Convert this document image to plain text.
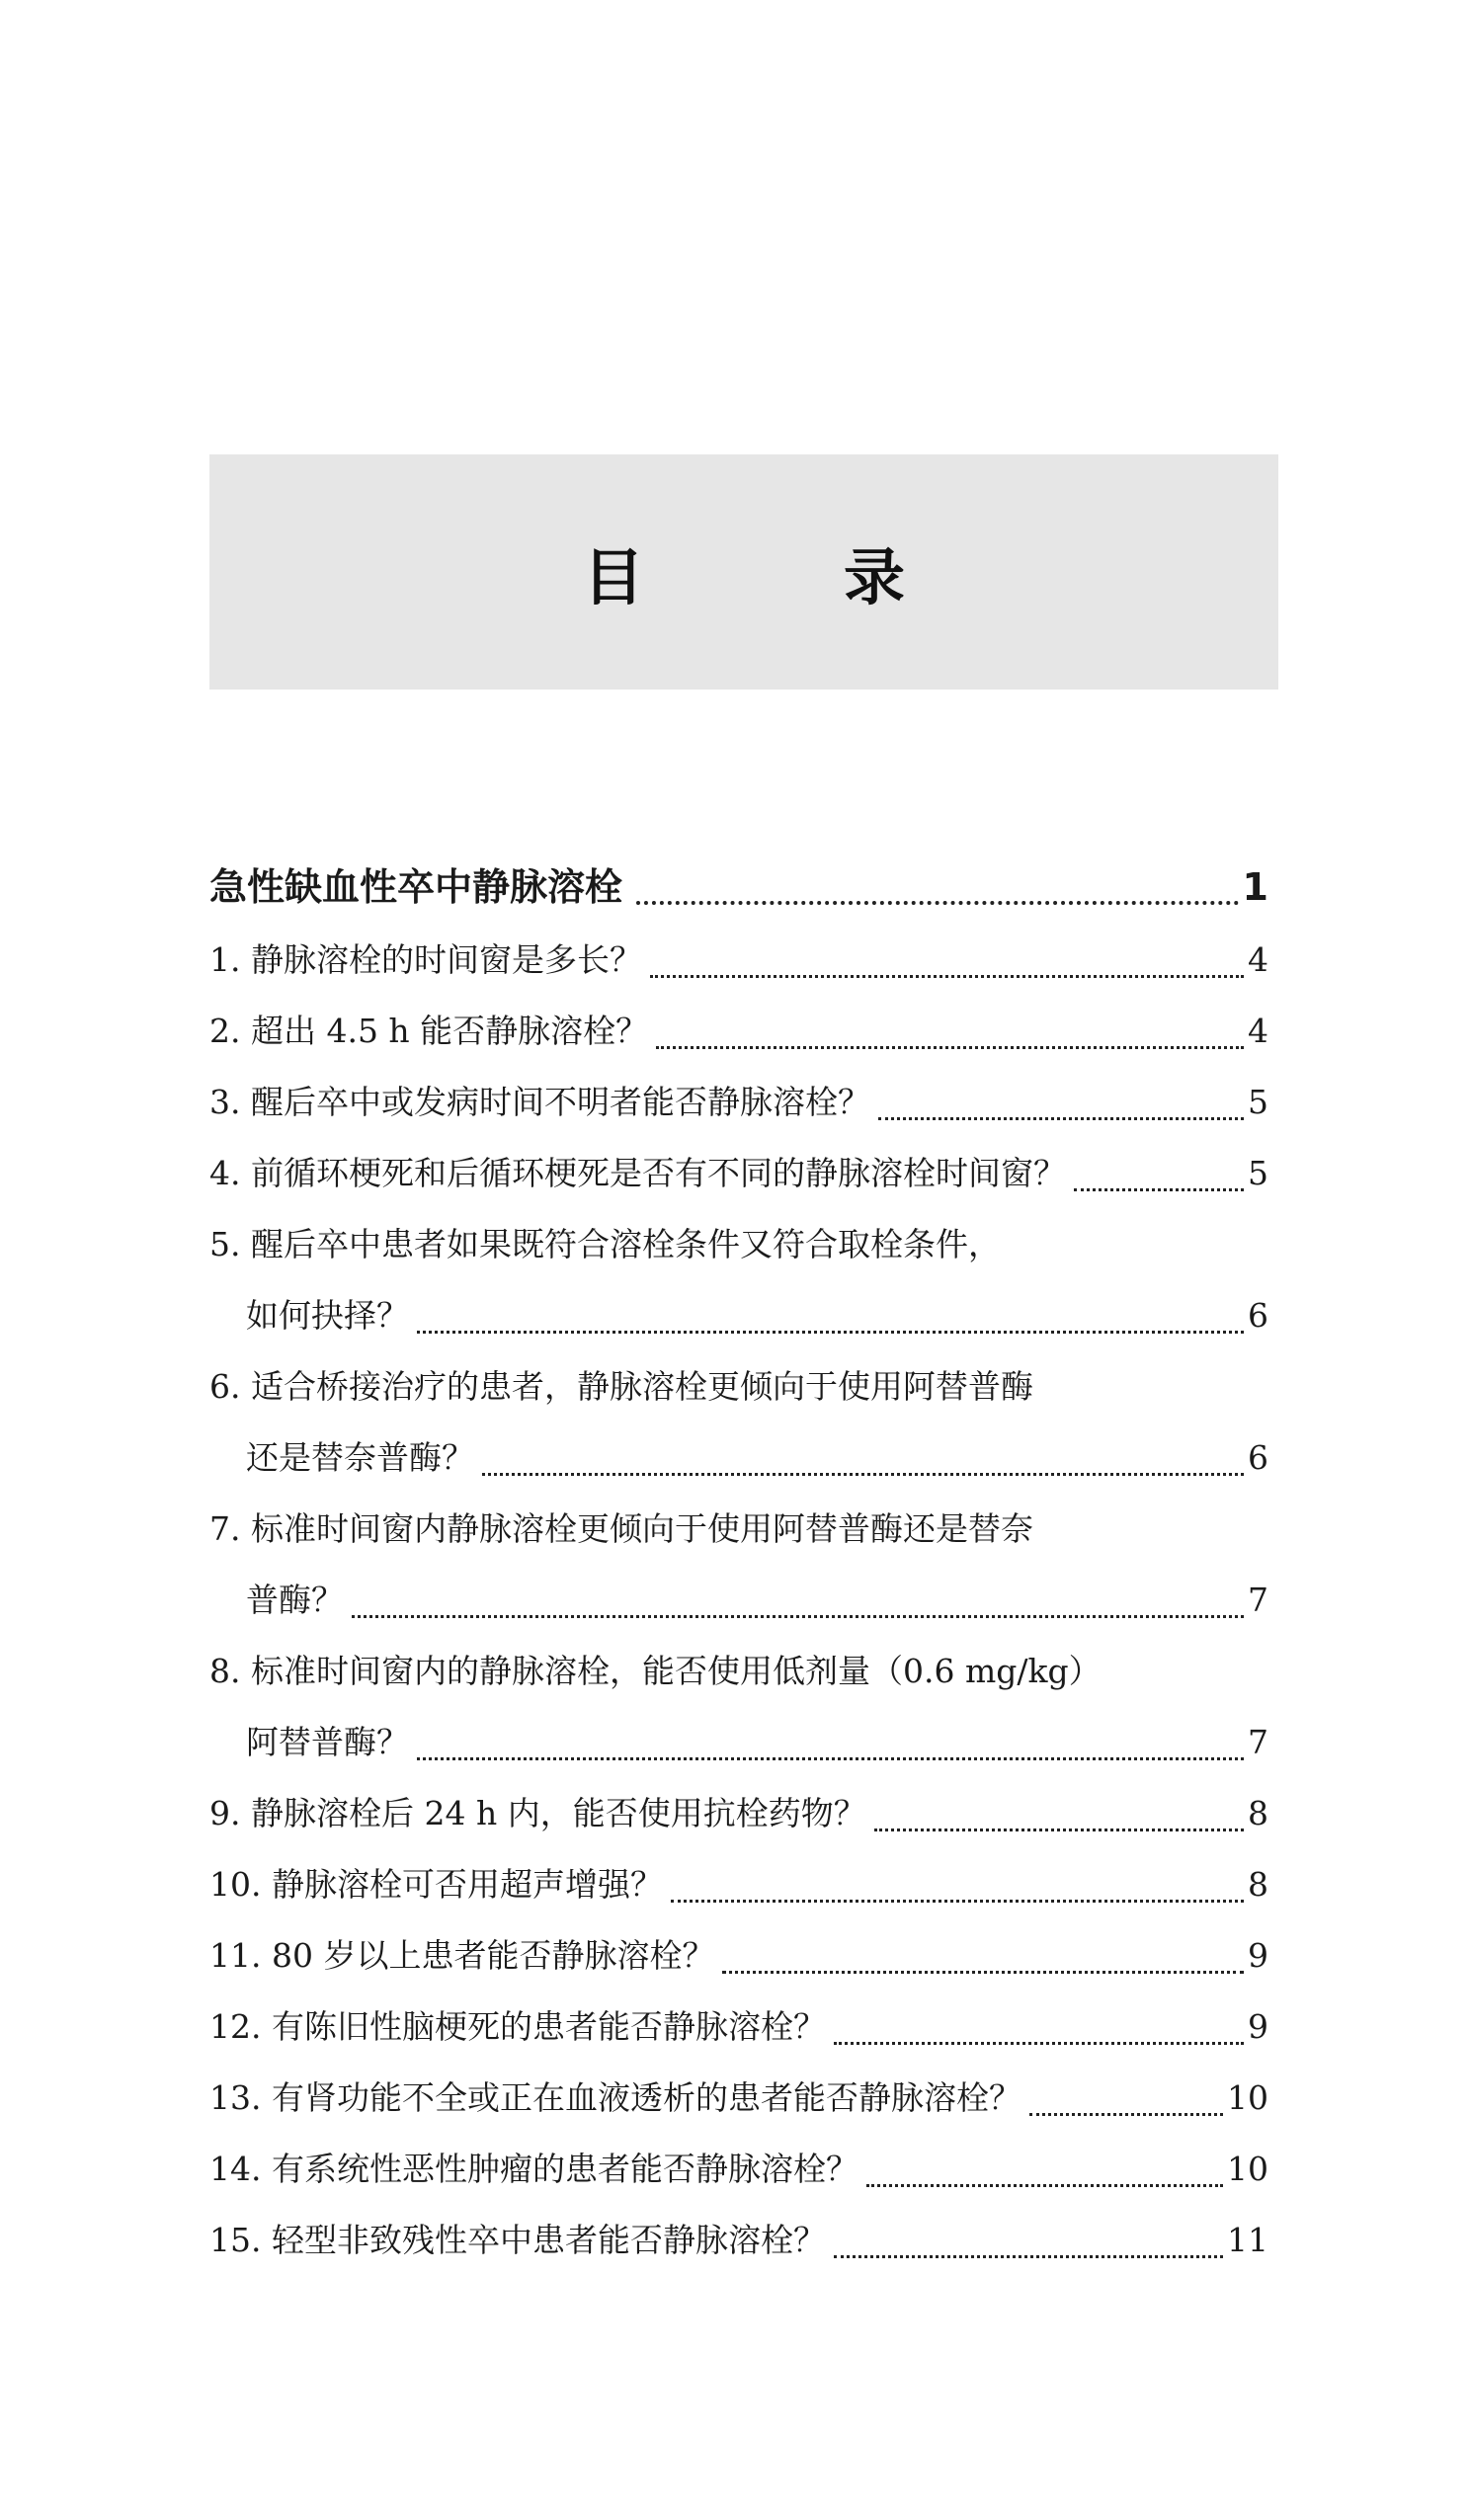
目　录
急性缺血性卒中静脉溶栓	1
1. 静脉溶栓的时间窗是多长？	4
2. 超出 4.5 h 能否静脉溶栓？	4
3. 醒后卒中或发病时间不明者能否静脉溶栓？	5
4. 前循环梗死和后循环梗死是否有不同的静脉溶栓时间窗？	5
5. 醒后卒中患者如果既符合溶栓条件又符合取栓条件，
如何抉择？	6
6. 适合桥接治疗的患者，静脉溶栓更倾向于使用阿替普酶
还是替奈普酶？	6
7. 标准时间窗内静脉溶栓更倾向于使用阿替普酶还是替奈
普酶？	7
8. 标准时间窗内的静脉溶栓，能否使用低剂量（0.6 mg/kg）
阿替普酶？	7
9. 静脉溶栓后 24 h 内，能否使用抗栓药物？	8
10. 静脉溶栓可否用超声增强？	8
11. 80 岁以上患者能否静脉溶栓？	9
12. 有陈旧性脑梗死的患者能否静脉溶栓？	9
13. 有肾功能不全或正在血液透析的患者能否静脉溶栓？	10
14. 有系统性恶性肿瘤的患者能否静脉溶栓？	10
15. 轻型非致残性卒中患者能否静脉溶栓？	11
